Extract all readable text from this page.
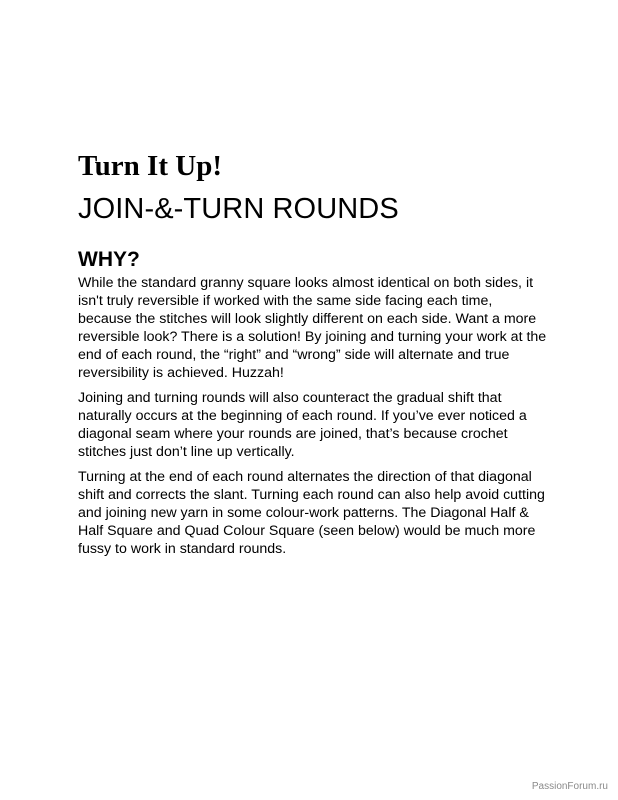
Turn It Up!
JOIN-&-TURN ROUNDS
WHY?

While the standard granny square looks almost identical on both sides, it isn't truly reversible if worked with the same side facing each time, because the stitches will look slightly different on each side. Want a more reversible look? There is a solution! By joining and turning your work at the end of each round, the “right” and “wrong” side will alternate and true reversibility is achieved. Huzzah!

Joining and turning rounds will also counteract the gradual shift that naturally occurs at the beginning of each round. If you’ve ever noticed a diagonal seam where your rounds are joined, that’s because crochet stitches just don’t line up vertically.

Turning at the end of each round alternates the direction of that diagonal shift and corrects the slant. Turning each round can also help avoid cutting and joining new yarn in some colour-work patterns. The Diagonal Half & Half Square and Quad Colour Square (seen below) would be much more fussy to work in standard rounds.

PassionForum.ru
